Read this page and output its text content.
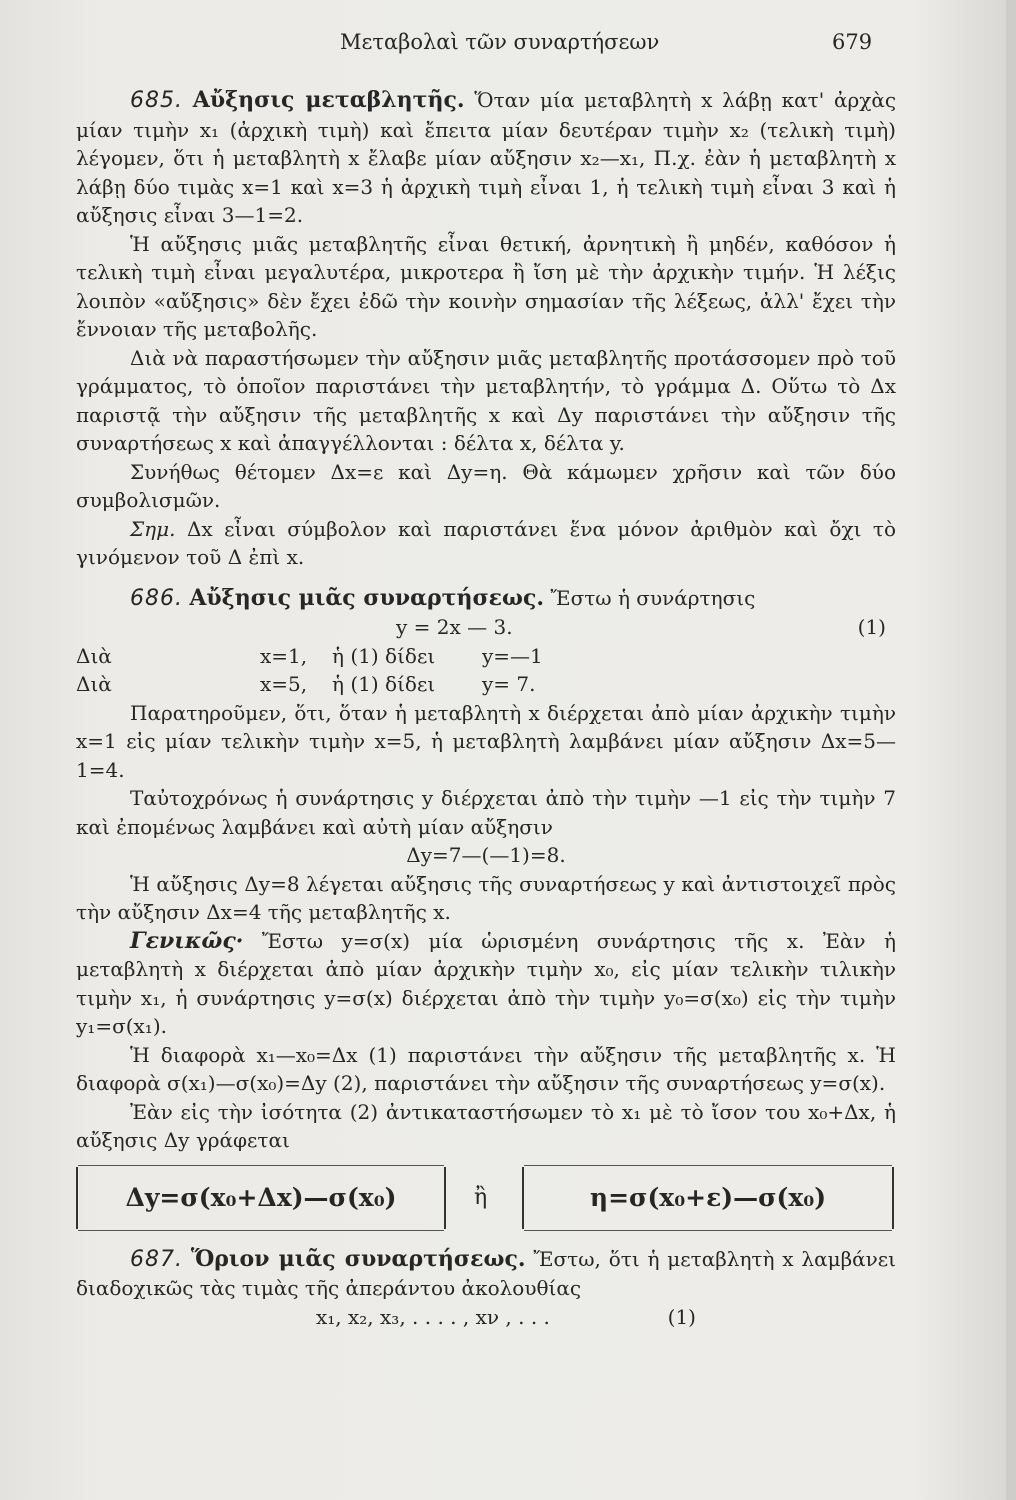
Μεταβολαὶ τῶν συναρτήσεων	679

685. Αὔξησις μεταβλητῆς. Ὅταν μία μεταβλητὴ x λάβῃ κατ' ἀρχὰς μίαν τιμὴν x₁ (ἀρχικὴ τιμὴ) καὶ ἔπειτα μίαν δευτέραν τιμὴν x₂ (τελικὴ τιμὴ) λέγομεν, ὅτι ἡ μεταβλητὴ x ἔλαβε μίαν αὔξησιν x₂—x₁, Π.χ. ἐὰν ἡ μεταβλητὴ x λάβῃ δύο τιμὰς x=1 καὶ x=3 ἡ ἀρχικὴ τιμὴ εἶναι 1, ἡ τελικὴ τιμὴ εἶναι 3 καὶ ἡ αὔξησις εἶναι 3—1=2.

Ἡ αὔξησις μιᾶς μεταβλητῆς εἶναι θετική, ἀρνητικὴ ἢ μηδέν, καθόσον ἡ τελικὴ τιμὴ εἶναι μεγαλυτέρα, μικροτερα ἢ ἴση μὲ τὴν ἀρχικὴν τιμήν. Ἡ λέξις λοιπὸν «αὔξησις» δὲν ἔχει ἐδῶ τὴν κοινὴν σημασίαν τῆς λέξεως, ἀλλ' ἔχει τὴν ἔννοιαν τῆς μεταβολῆς.

Διὰ νὰ παραστήσωμεν τὴν αὔξησιν μιᾶς μεταβλητῆς προτάσσομεν πρὸ τοῦ γράμματος, τὸ ὁποῖον παριστάνει τὴν μεταβλητήν, τὸ γράμμα Δ. Οὕτω τὸ Δx παριστᾷ τὴν αὔξησιν τῆς μεταβλητῆς x καὶ Δy παριστάνει τὴν αὔξησιν τῆς συναρτήσεως x καὶ ἀπαγγέλλονται : δέλτα x, δέλτα y.

Συνήθως θέτομεν Δx=ε καὶ Δy=η. Θὰ κάμωμεν χρῆσιν καὶ τῶν δύο συμβολισμῶν.

Σημ. Δx εἶναι σύμβολον καὶ παριστάνει ἕνα μόνον ἀριθμὸν καὶ ὄχι τὸ γινόμενον τοῦ Δ ἐπὶ x.

686. Αὔξησις μιᾶς συναρτήσεως. Ἔστω ἡ συνάρτησις

y = 2x — 3.	(1)
Διὰ	x=1,	ἡ (1) δίδει	y=—1
Διὰ	x=5,	ἡ (1) δίδει	y= 7.

Παρατηροῦμεν, ὅτι, ὅταν ἡ μεταβλητὴ x διέρχεται ἀπὸ μίαν ἀρχικὴν τιμὴν x=1 εἰς μίαν τελικὴν τιμὴν x=5, ἡ μεταβλητὴ λαμβάνει μίαν αὔξησιν Δx=5—1=4.

Ταὐτοχρόνως ἡ συνάρτησις y διέρχεται ἀπὸ τὴν τιμὴν —1 εἰς τὴν τιμὴν 7 καὶ ἐπομένως λαμβάνει καὶ αὐτὴ μίαν αὔξησιν

Δy=7—(—1)=8.

Ἡ αὔξησις Δy=8 λέγεται αὔξησις τῆς συναρτήσεως y καὶ ἀντιστοιχεῖ πρὸς τὴν αὔξησιν Δx=4 τῆς μεταβλητῆς x.

Γενικῶς· Ἔστω y=σ(x) μία ὡρισμένη συνάρτησις τῆς x. Ἐὰν ἡ μεταβλητὴ x διέρχεται ἀπὸ μίαν ἀρχικὴν τιμὴν x₀, εἰς μίαν τελικὴν τιλικὴν τιμὴν x₁, ἡ συνάρτησις y=σ(x) διέρχεται ἀπὸ τὴν τιμὴν y₀=σ(x₀) εἰς τὴν τιμὴν y₁=σ(x₁).

Ἡ διαφορὰ x₁—x₀=Δx (1) παριστάνει τὴν αὔξησιν τῆς μεταβλητῆς x. Ἡ διαφορὰ σ(x₁)—σ(x₀)=Δy (2), παριστάνει τὴν αὔξησιν τῆς συναρτήσεως y=σ(x).

Ἐὰν εἰς τὴν ἰσότητα (2) ἀντικαταστήσωμεν τὸ x₁ μὲ τὸ ἴσον του x₀+Δx, ἡ αὔξησις Δy γράφεται

Δy=σ(x₀+Δx)—σ(x₀)	ἢ	η=σ(x₀+ε)—σ(x₀)

687. Ὅριον μιᾶς συναρτήσεως. Ἔστω, ὅτι ἡ μεταβλητὴ x λαμβάνει διαδοχικῶς τὰς τιμὰς τῆς ἀπεράντου ἀκολουθίας

x₁, x₂, x₃, . . . . , xν , . . .	(1)
